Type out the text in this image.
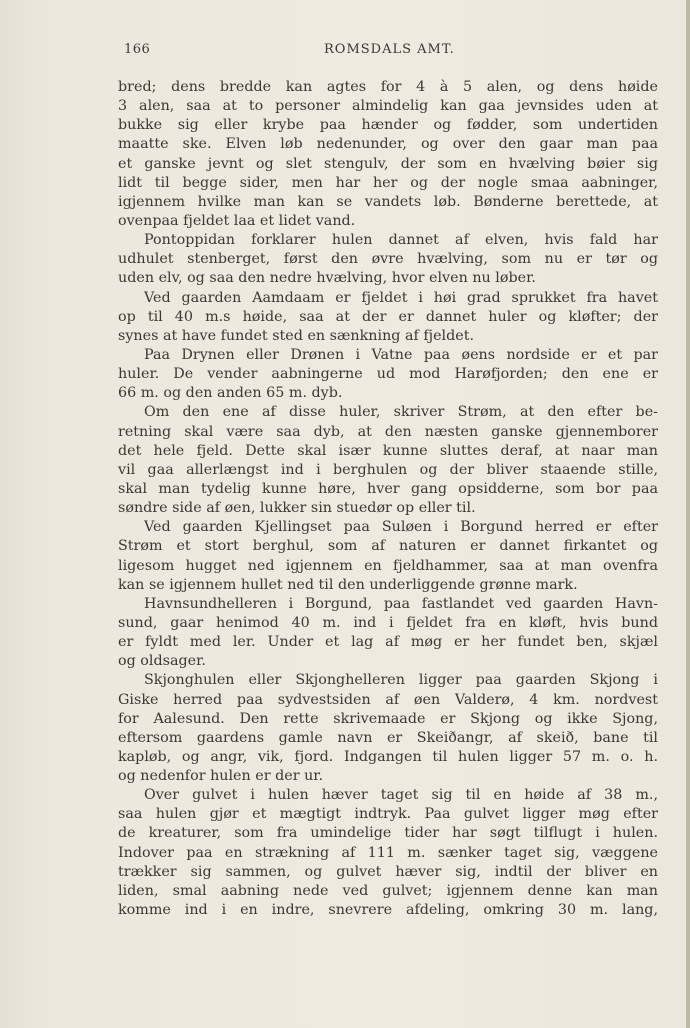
166	ROMSDALS AMT.
bred; dens bredde kan agtes for 4 à 5 alen, og dens høide
3 alen, saa at to personer almindelig kan gaa jevnsides uden at
bukke sig eller krybe paa hænder og fødder, som undertiden
maatte ske. Elven løb nedenunder, og over den gaar man paa
et ganske jevnt og slet stengulv, der som en hvælving bøier sig
lidt til begge sider, men har her og der nogle smaa aabninger,
igjennem hvilke man kan se vandets løb. Bønderne berettede, at
ovenpaa fjeldet laa et lidet vand.
Pontoppidan forklarer hulen dannet af elven, hvis fald har
udhulet stenberget, først den øvre hvælving, som nu er tør og
uden elv, og saa den nedre hvælving, hvor elven nu løber.
Ved gaarden Aamdaam er fjeldet i høi grad sprukket fra havet
op til 40 m.s høide, saa at der er dannet huler og kløfter; der
synes at have fundet sted en sænkning af fjeldet.
Paa Drynen eller Drønen i Vatne paa øens nordside er et par
huler. De vender aabningerne ud mod Harøfjorden; den ene er
66 m. og den anden 65 m. dyb.
Om den ene af disse huler, skriver Strøm, at den efter be-
retning skal være saa dyb, at den næsten ganske gjennemborer
det hele fjeld. Dette skal især kunne sluttes deraf, at naar man
vil gaa allerlængst ind i berghulen og der bliver staaende stille,
skal man tydelig kunne høre, hver gang opsidderne, som bor paa
søndre side af øen, lukker sin stuedør op eller til.
Ved gaarden Kjellingset paa Suløen i Borgund herred er efter
Strøm et stort berghul, som af naturen er dannet firkantet og
ligesom hugget ned igjennem en fjeldhammer, saa at man ovenfra
kan se igjennem hullet ned til den underliggende grønne mark.
Havnsundhelleren i Borgund, paa fastlandet ved gaarden Havn-
sund, gaar henimod 40 m. ind i fjeldet fra en kløft, hvis bund
er fyldt med ler. Under et lag af møg er her fundet ben, skjæl
og oldsager.
Skjonghulen eller Skjonghelleren ligger paa gaarden Skjong i
Giske herred paa sydvestsiden af øen Valderø, 4 km. nordvest
for Aalesund. Den rette skrivemaade er Skjong og ikke Sjong,
eftersom gaardens gamle navn er Skeiðangr, af skeið, bane til
kapløb, og angr, vik, fjord. Indgangen til hulen ligger 57 m. o. h.
og nedenfor hulen er der ur.
Over gulvet i hulen hæver taget sig til en høide af 38 m.,
saa hulen gjør et mægtigt indtryk. Paa gulvet ligger møg efter
de kreaturer, som fra umindelige tider har søgt tilflugt i hulen.
Indover paa en strækning af 111 m. sænker taget sig, væggene
trækker sig sammen, og gulvet hæver sig, indtil der bliver en
liden, smal aabning nede ved gulvet; igjennem denne kan man
komme ind i en indre, snevrere afdeling, omkring 30 m. lang,
